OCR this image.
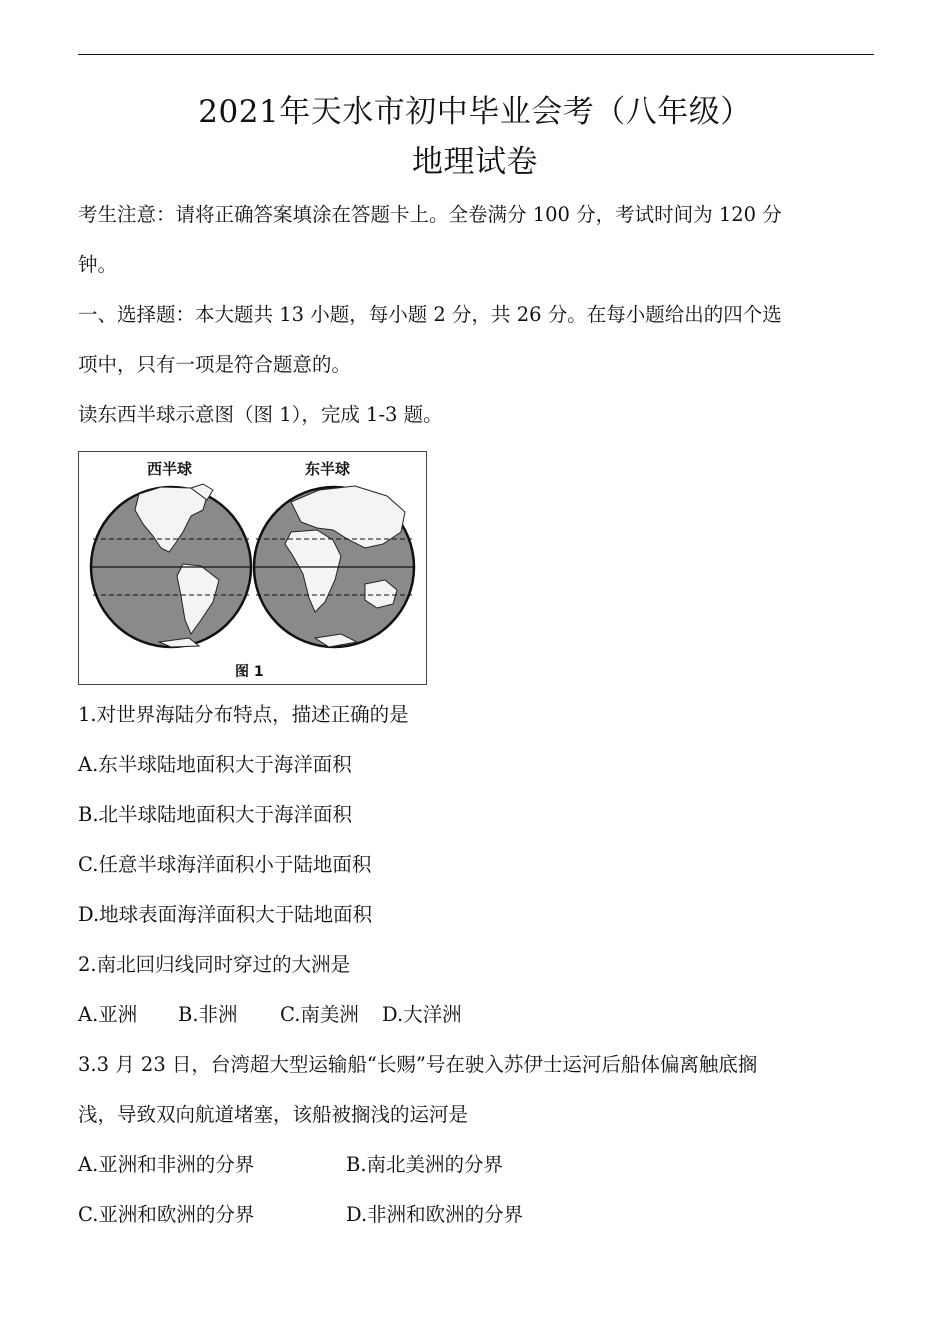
2021年天水市初中毕业会考（八年级）
地理试卷
考生注意：请将正确答案填涂在答题卡上。全卷满分 100 分，考试时间为 120 分
钟。
一、选择题：本大题共 13 小题，每小题 2 分，共 26 分。在每小题给出的四个选
项中，只有一项是符合题意的。
读东西半球示意图（图 1），完成 1-3 题。
西半球	东半球
图 1
1.对世界海陆分布特点，描述正确的是
A.东半球陆地面积大于海洋面积
B.北半球陆地面积大于海洋面积
C.任意半球海洋面积小于陆地面积
D.地球表面海洋面积大于陆地面积
2.南北回归线同时穿过的大洲是
A.亚洲 B.非洲 C.南美洲 D.大洋洲
3.3 月 23 日，台湾超大型运输船“长赐”号在驶入苏伊士运河后船体偏离触底搁
浅，导致双向航道堵塞，该船被搁浅的运河是
A.亚洲和非洲的分界	B.南北美洲的分界
C.亚洲和欧洲的分界	D.非洲和欧洲的分界
